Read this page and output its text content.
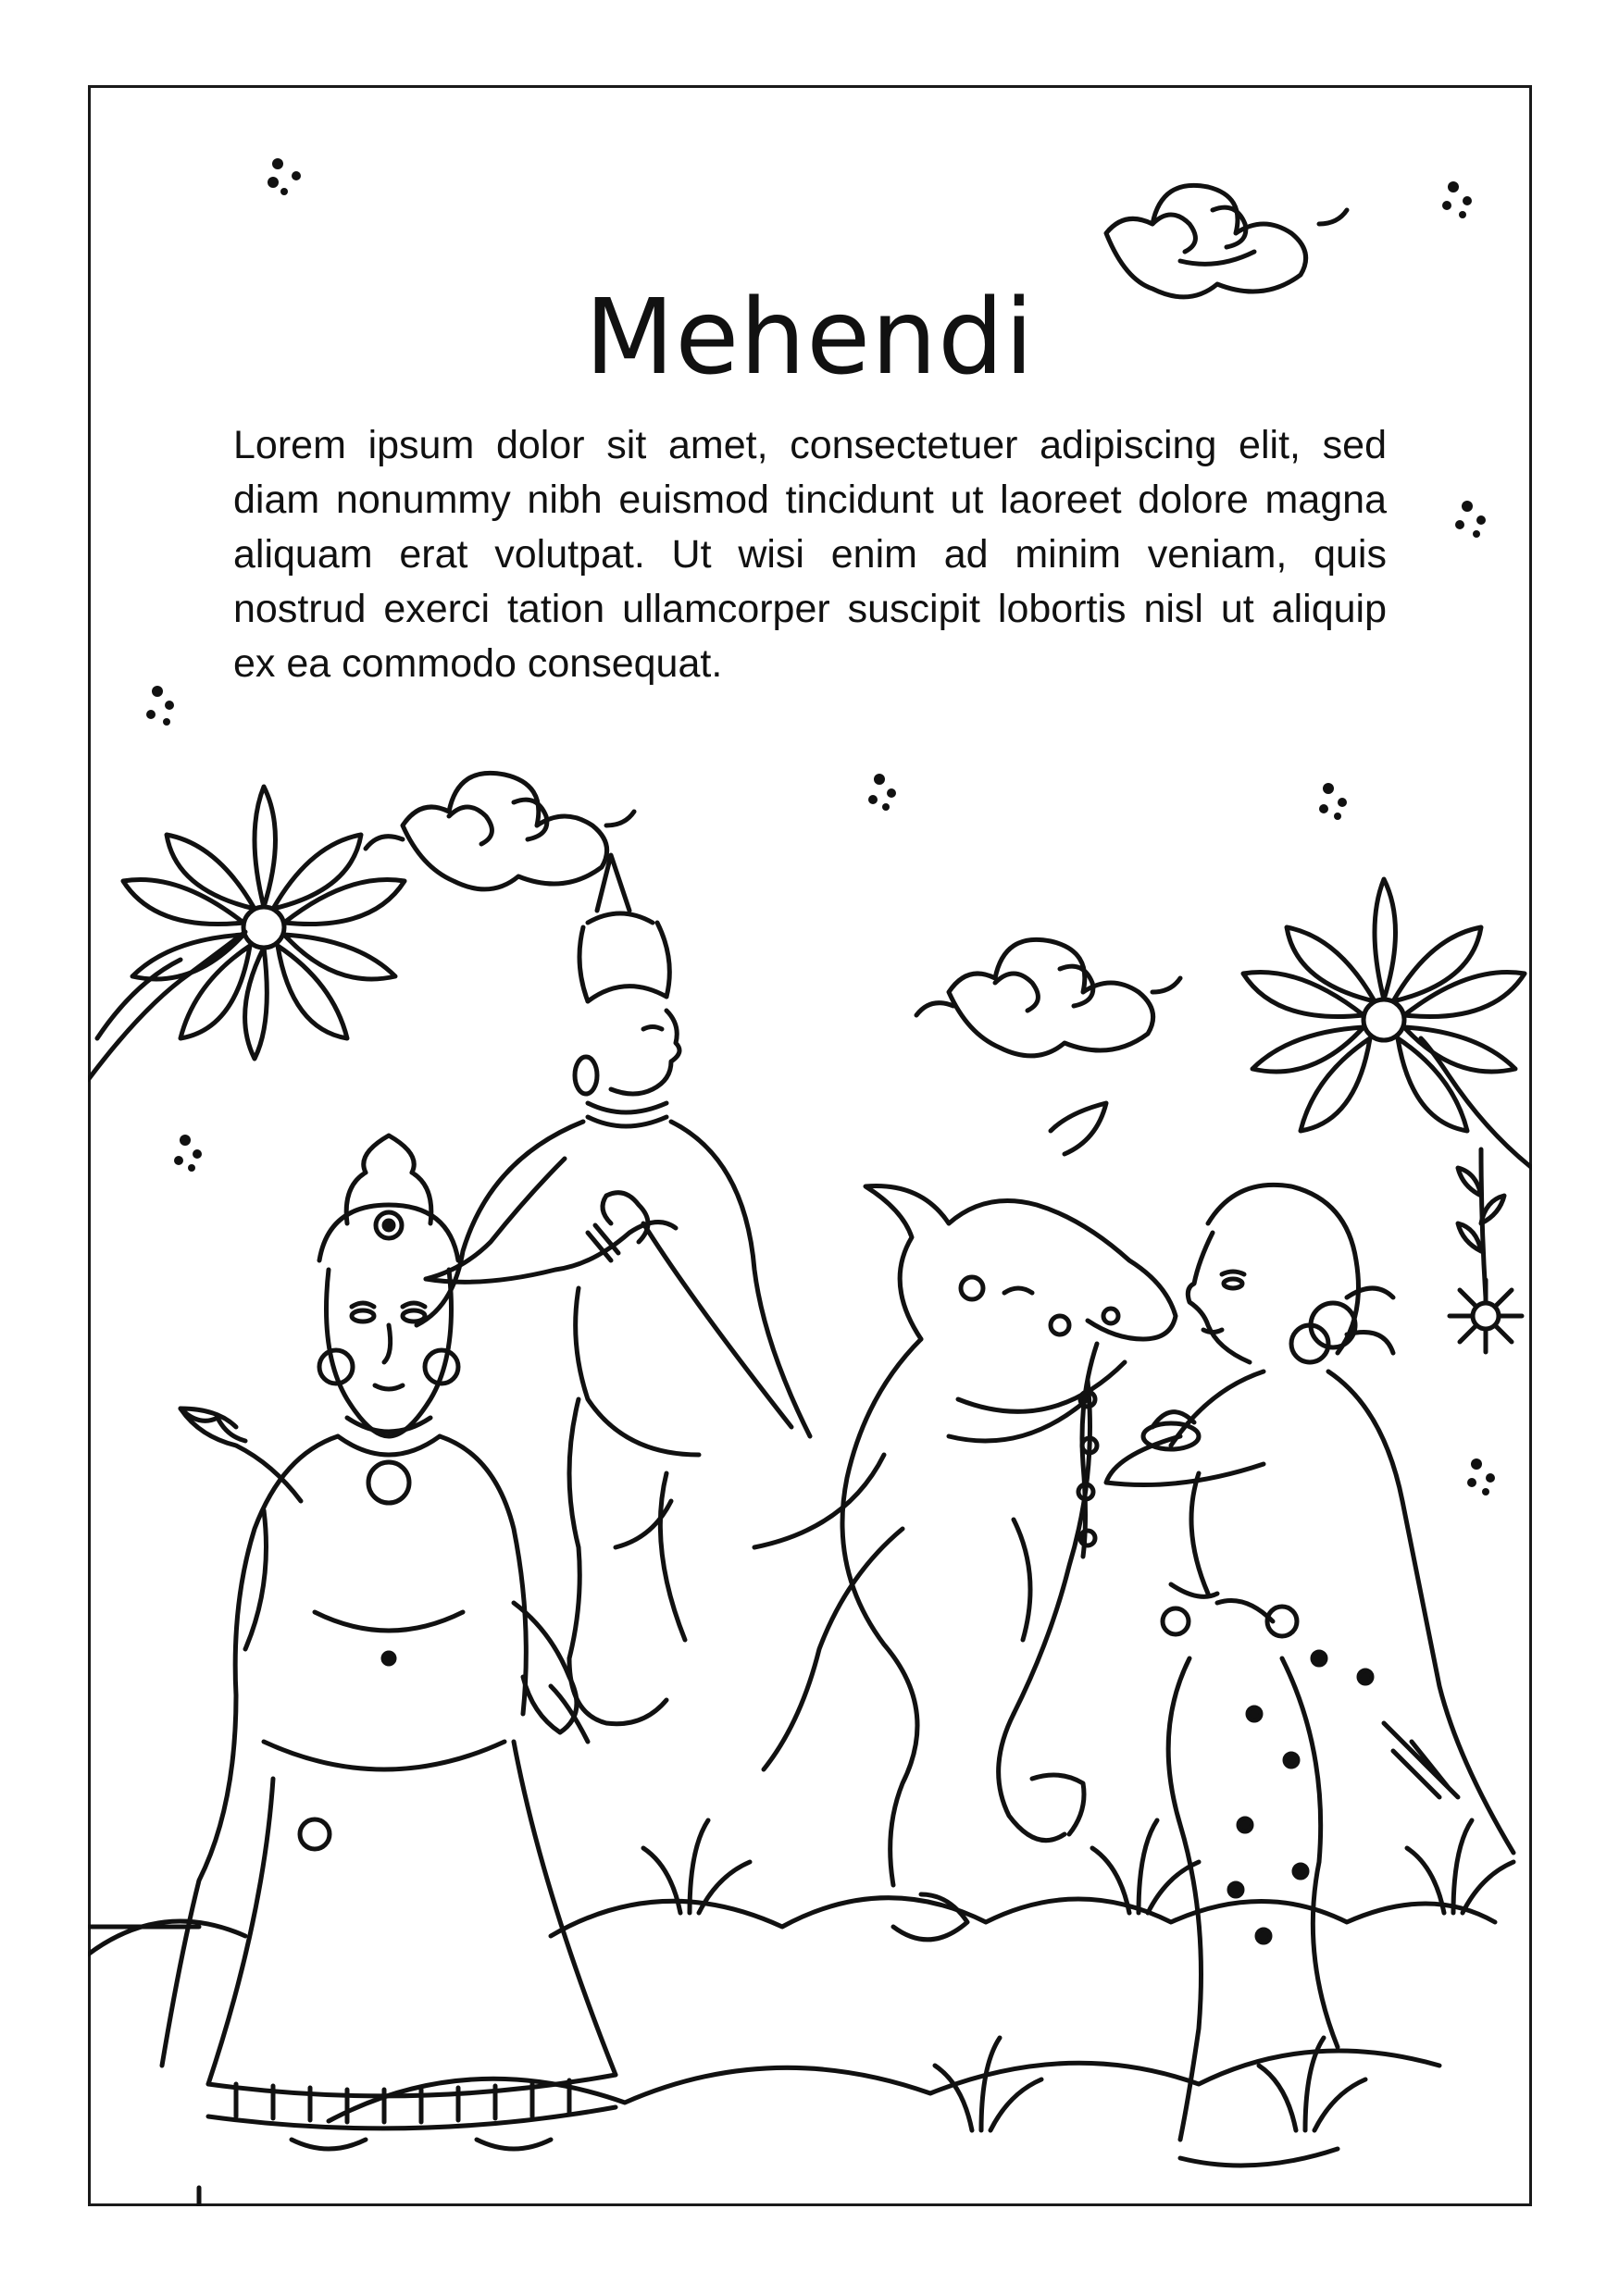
Mehendi

Lorem ipsum dolor sit amet, consectetuer adipiscing elit, sed diam nonummy nibh euismod tincidunt ut laoreet dolore magna aliquam erat volutpat. Ut wisi enim ad minim veniam, quis nostrud exerci tation ullamcorper suscipit lobortis nisl ut aliquip ex ea commodo consequat.
